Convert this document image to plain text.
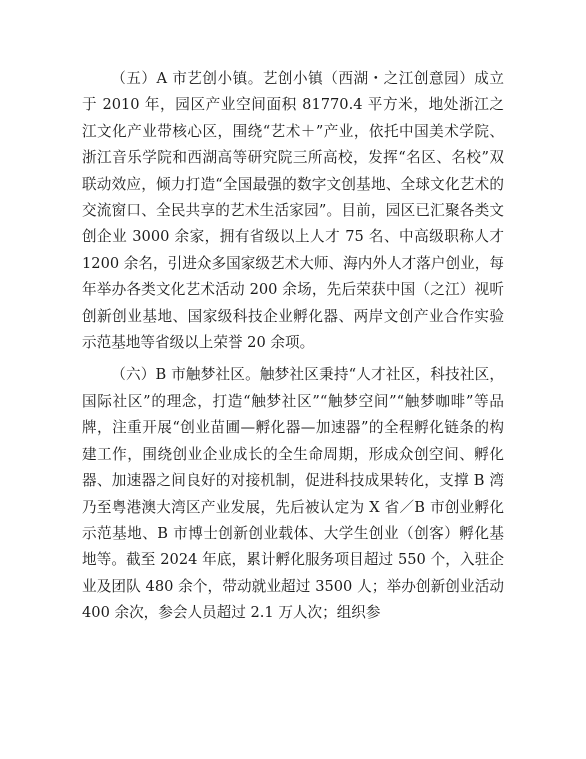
（五）A 市艺创小镇。艺创小镇（西湖・之江创意园）成立于 2010 年，园区产业空间面积 81770.4 平方米，地处浙江之江文化产业带核心区，围绕“艺术＋”产业，依托中国美术学院、浙江音乐学院和西湖高等研究院三所高校，发挥“名区、名校”双联动效应，倾力打造“全国最强的数字文创基地、全球文化艺术的交流窗口、全民共享的艺术生活家园”。目前，园区已汇聚各类文创企业 3000 余家，拥有省级以上人才 75 名、中高级职称人才 1200 余名，引进众多国家级艺术大师、海内外人才落户创业，每年举办各类文化艺术活动 200 余场，先后荣获中国（之江）视听创新创业基地、国家级科技企业孵化器、两岸文创产业合作实验示范基地等省级以上荣誉 20 余项。

（六）B 市触梦社区。触梦社区秉持“人才社区，科技社区，国际社区”的理念，打造“触梦社区”“触梦空间”“触梦咖啡”等品牌，注重开展“创业苗圃—孵化器—加速器”的全程孵化链条的构建工作，围绕创业企业成长的全生命周期，形成众创空间、孵化器、加速器之间良好的对接机制，促进科技成果转化，支撑 B 湾乃至粤港澳大湾区产业发展，先后被认定为 X 省／B 市创业孵化示范基地、B 市博士创新创业载体、大学生创业（创客）孵化基地等。截至 2024 年底，累计孵化服务项目超过 550 个，入驻企业及团队 480 余个，带动就业超过 3500 人；举办创新创业活动 400 余次，参会人员超过 2.1 万人次；组织参
